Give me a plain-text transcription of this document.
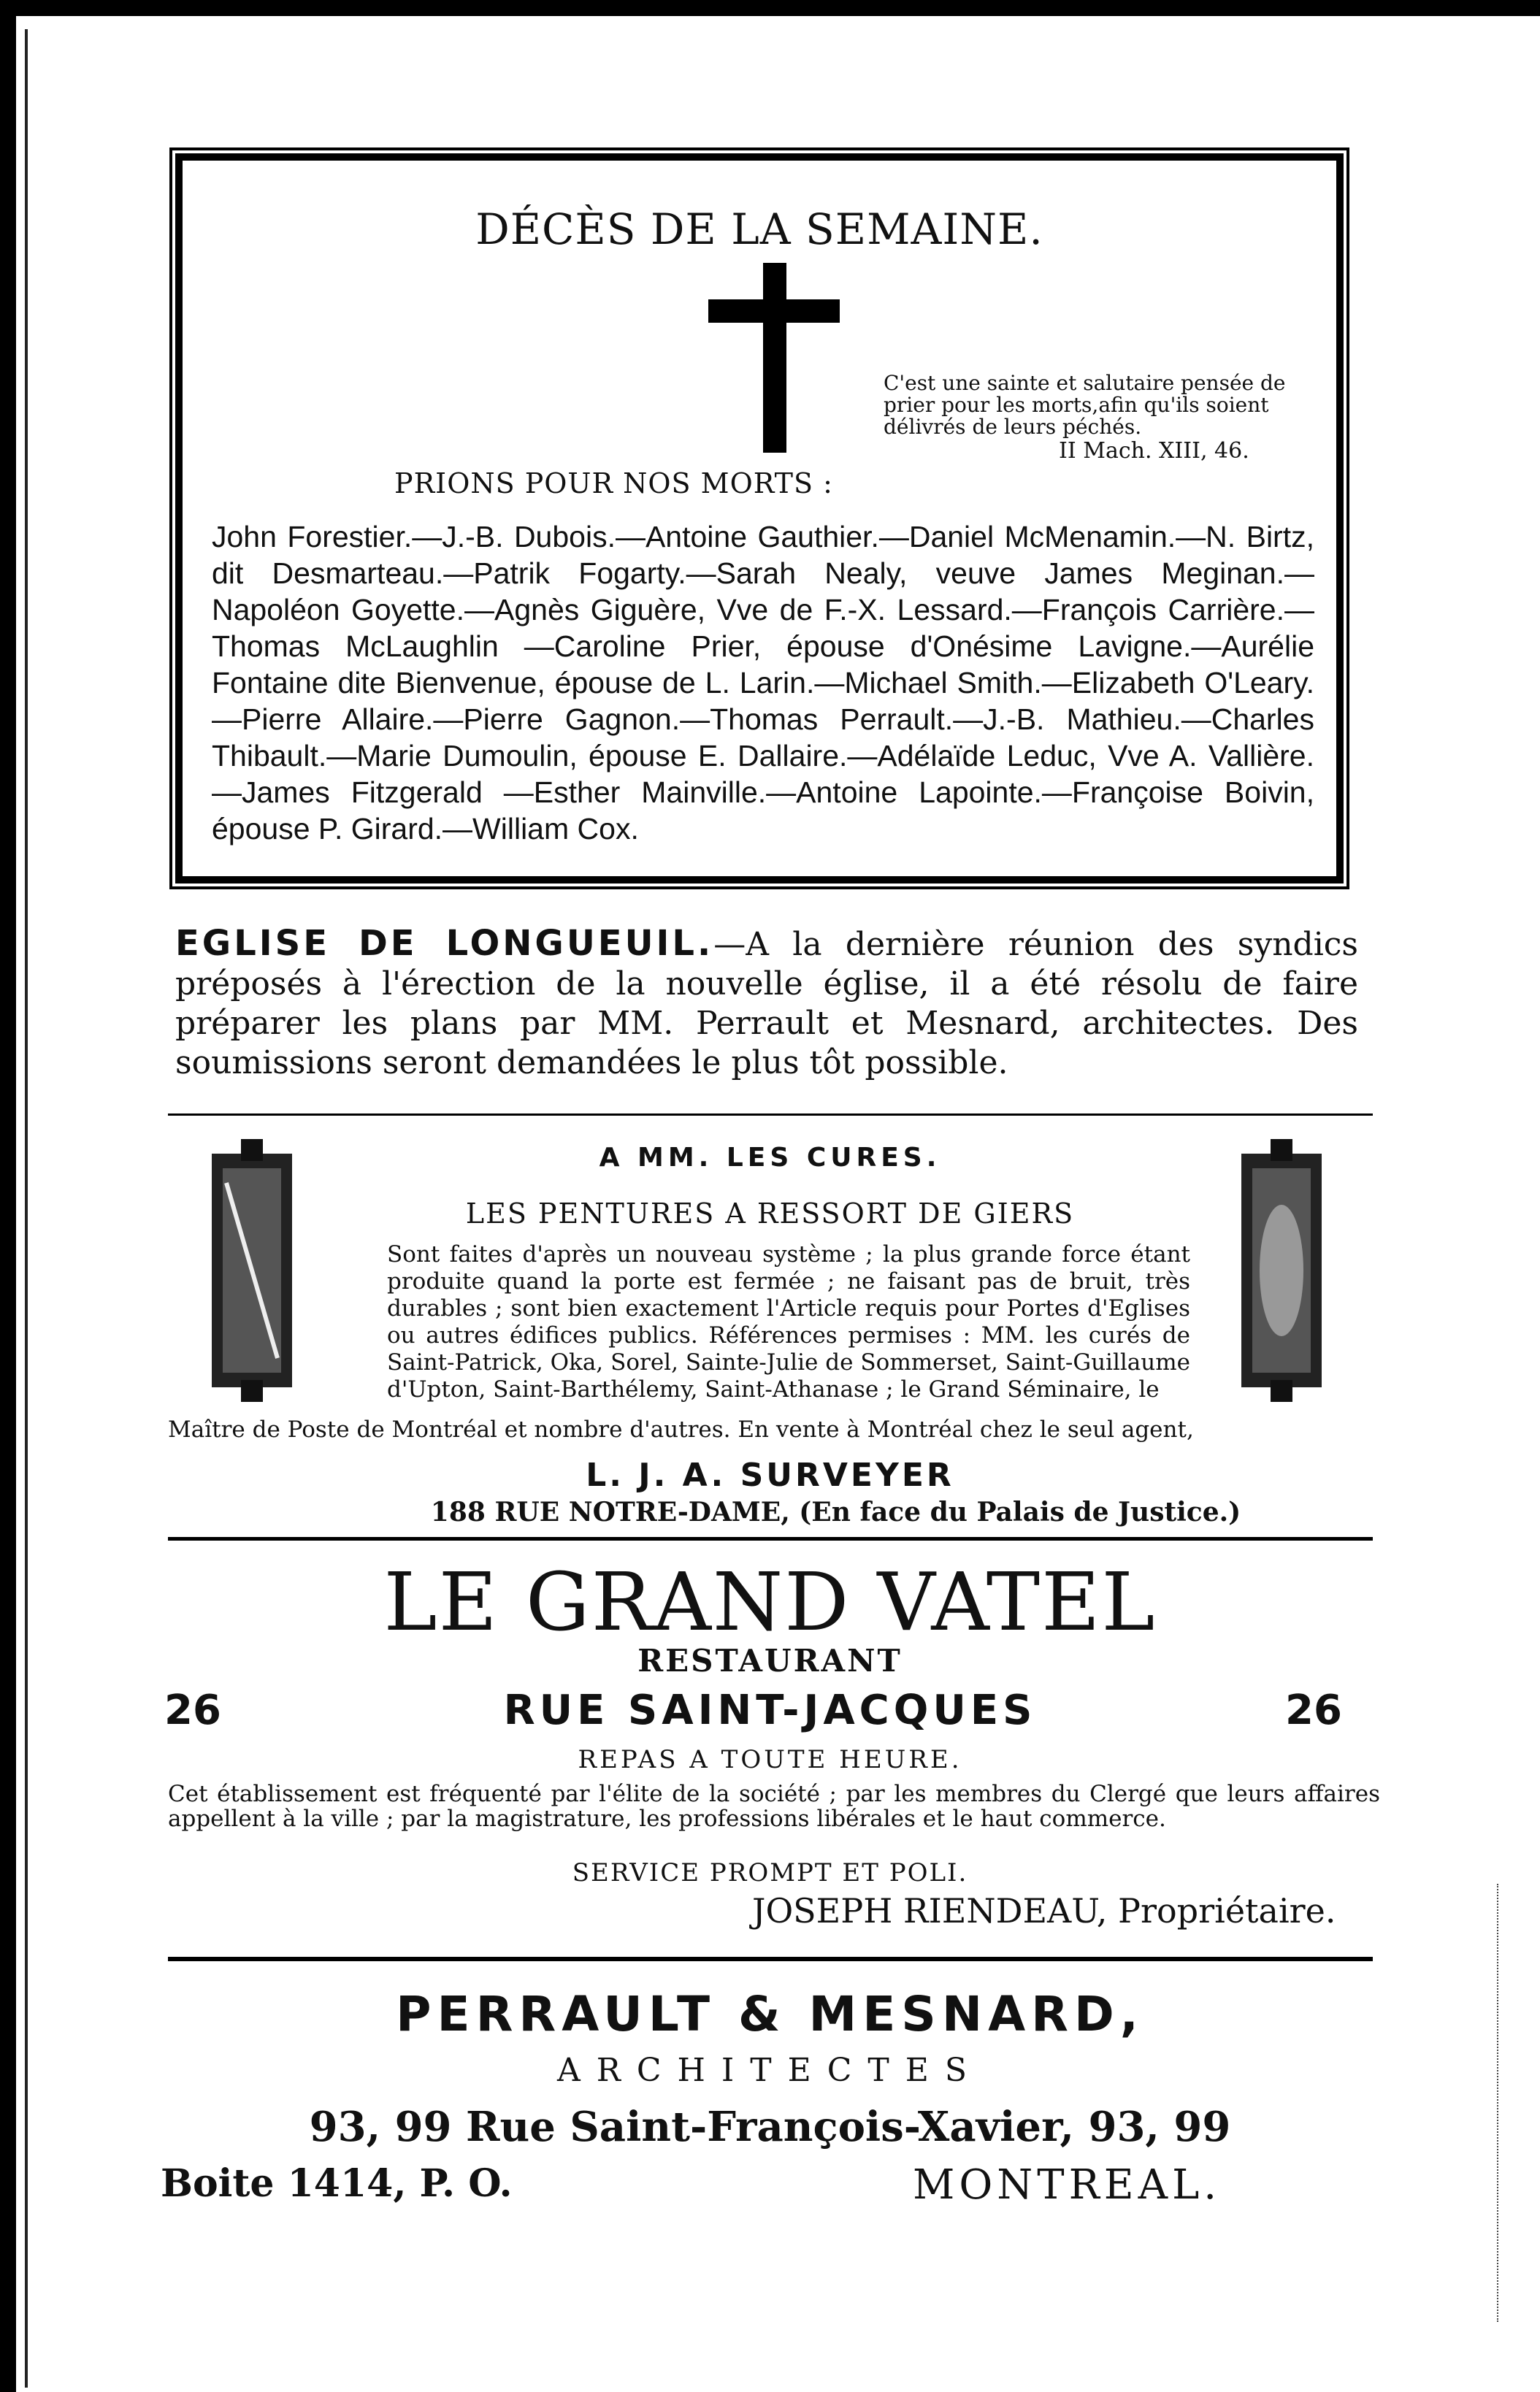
DÉCÈS DE LA SEMAINE.
C'est une sainte et salutaire pensée de prier pour les morts,afin qu'ils soient délivrés de leurs péchés.
II Mach. XIII, 46.
PRIONS POUR NOS MORTS :
John Forestier.—J.-B. Dubois.—Antoine Gauthier.—Daniel McMenamin.—N. Birtz, dit Desmarteau.—Patrik Fogarty.—Sarah Nealy, veuve James Meginan.—Napoléon Goyette.—Agnès Giguère, Vve de F.-X. Lessard.—François Carrière.—Thomas McLaughlin —Caroline Prier, épouse d'Onésime Lavigne.—Aurélie Fontaine dite Bienvenue, épouse de L. Larin.—Michael Smith.—Elizabeth O'Leary.—Pierre Allaire.—Pierre Gagnon.—Thomas Perrault.—J.-B. Mathieu.—Charles Thibault.—Marie Dumoulin, épouse E. Dallaire.—Adélaïde Leduc, Vve A. Vallière.—James Fitzgerald —Esther Mainville.—Antoine Lapointe.—Françoise Boivin, épouse P. Girard.—William Cox.
EGLISE DE LONGUEUIL.—A la dernière réunion des syndics préposés à l'érection de la nouvelle église, il a été résolu de faire préparer les plans par MM. Perrault et Mesnard, architectes. Des soumissions seront demandées le plus tôt possible.
A MM. LES CURES.
LES PENTURES A RESSORT DE GIERS
Sont faites d'après un nouveau système ; la plus grande force étant produite quand la porte est fermée ; ne faisant pas de bruit, très durables ; sont bien exactement l'Article requis pour Portes d'Eglises ou autres édifices publics. Références permises : MM. les curés de Saint-Patrick, Oka, Sorel, Sainte-Julie de Sommerset, Saint-Guillaume d'Upton, Saint-Barthélemy, Saint-Athanase ; le Grand Séminaire, le
Maître de Poste de Montréal et nombre d'autres. En vente à Montréal chez le seul agent,
L. J. A. SURVEYER
188 RUE NOTRE-DAME, (En face du Palais de Justice.)
LE GRAND VATEL
RESTAURANT
26	RUE SAINT-JACQUES	26
REPAS A TOUTE HEURE.
Cet établissement est fréquenté par l'élite de la société ; par les membres du Clergé que leurs affaires appellent à la ville ; par la magistrature, les professions libérales et le haut commerce.
SERVICE PROMPT ET POLI.
JOSEPH RIENDEAU, Propriétaire.
PERRAULT & MESNARD,
ARCHITECTES
93, 99 Rue Saint-François-Xavier, 93, 99
Boite 1414, P. O.	MONTREAL.
